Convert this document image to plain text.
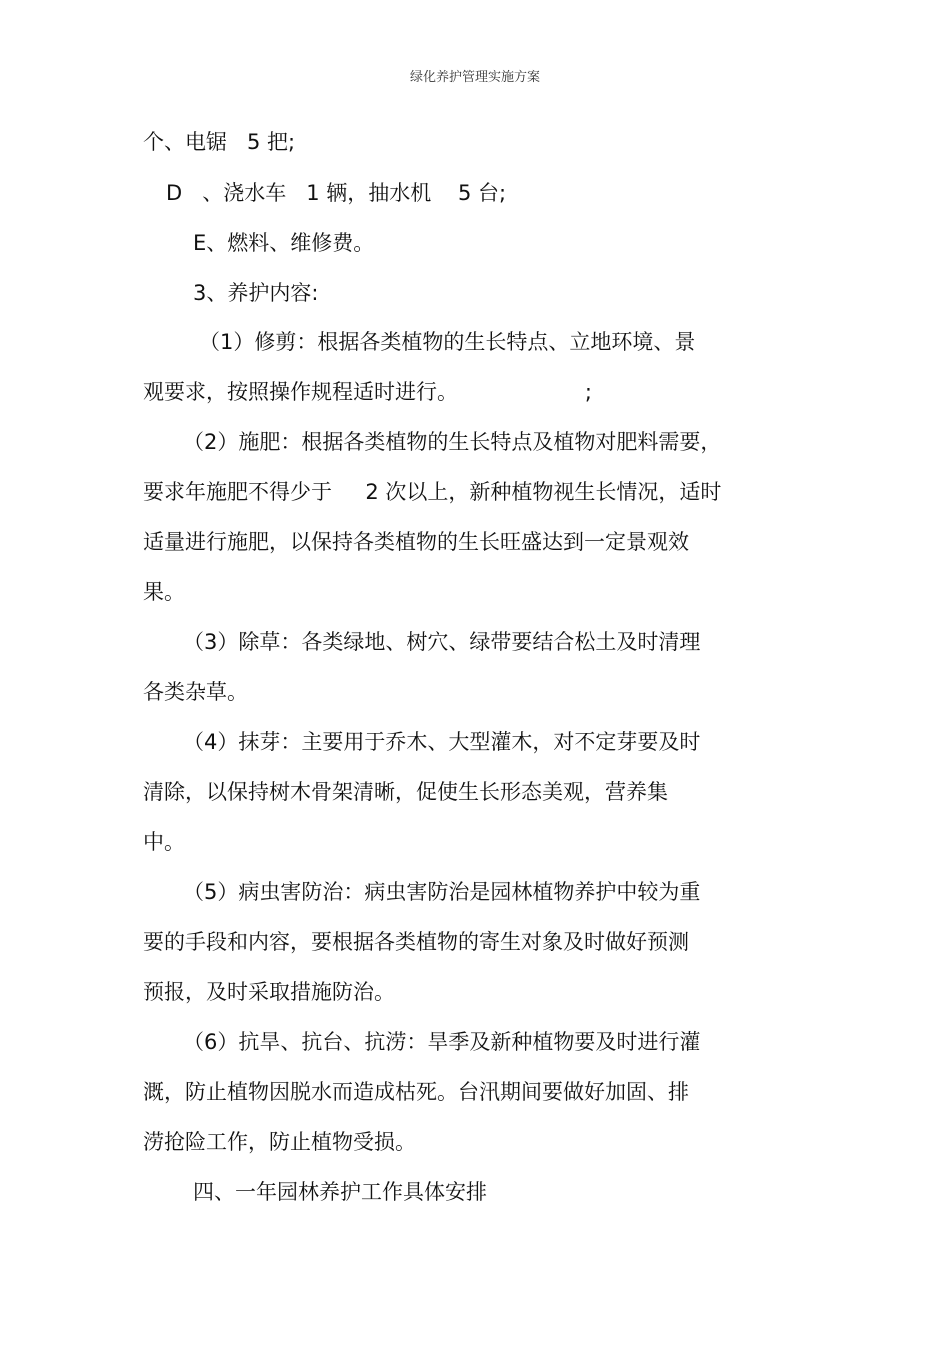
绿化养护管理实施方案
个、电锯   5 把;
D   、浇水车   1 辆，抽水机    5 台;
E、燃料、维修费。
3、养护内容:
（1）修剪：根据各类植物的生长特点、立地环境、景
观要求，按照操作规程适时进行。                   ;
（2）施肥：根据各类植物的生长特点及植物对肥料需要，
要求年施肥不得少于     2 次以上，新种植物视生长情况，适时
适量进行施肥，以保持各类植物的生长旺盛达到一定景观效
果。
（3）除草：各类绿地、树穴、绿带要结合松土及时清理
各类杂草。
（4）抹芽：主要用于乔木、大型灌木，对不定芽要及时
清除，以保持树木骨架清晰，促使生长形态美观，营养集
中。
（5）病虫害防治：病虫害防治是园林植物养护中较为重
要的手段和内容，要根据各类植物的寄生对象及时做好预测
预报，及时采取措施防治。
（6）抗旱、抗台、抗涝：旱季及新种植物要及时进行灌
溉，防止植物因脱水而造成枯死。台汛期间要做好加固、排
涝抢险工作，防止植物受损。
四、一年园林养护工作具体安排
